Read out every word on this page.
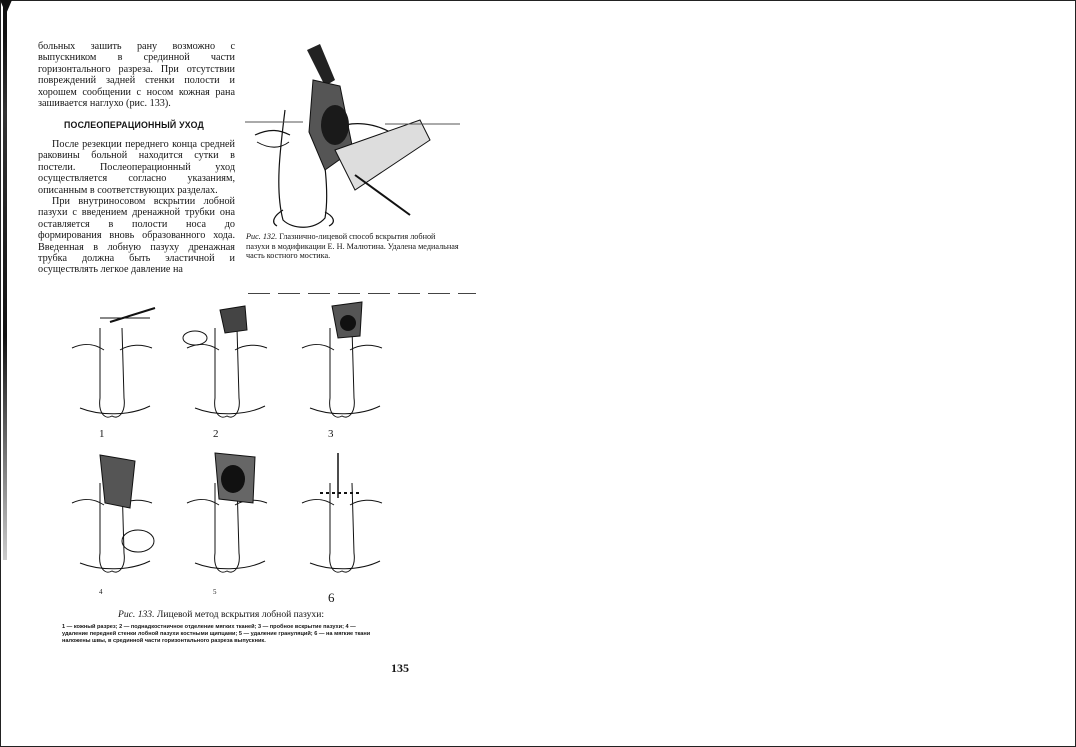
больных зашить рану возможно с выпускником в срединной части горизонтального разреза. При отсутствии повреждений задней стенки полости и хорошем сообщении с носом кожная рана зашивается наглухо (рис. 133).

ПОСЛЕОПЕРАЦИОННЫЙ УХОД

После резекции переднего конца средней раковины больной находится сутки в постели. Послеоперационный уход осуществляется согласно указаниям, описанным в соответствующих разделах.

При внутриносовом вскрытии лобной пазухи с введением дренажной трубки она оставляется в полости носа до формирования вновь образованного хода. Введенная в лобную пазуху дренажная трубка должна быть эластичной и осуществлять легкое давление на

Рис. 132. Глазнично-лицевой способ вскрытия лобной пазухи в модификации Е. Н. Малютина. Удалена медиальная часть костного мостика.
1	2	3
4	5	6
Рис. 133. Лицевой метод вскрытия лобной пазухи:
1 — кожный разрез; 2 — поднадкостничное отделение мягких тканей; 3 — пробное вскрытие пазухи; 4 — удаление передней стенки лобной пазухи костными щипцами; 5 — удаление грануляций; 6 — на мягкие ткани наложены швы, в срединной части горизонтального разреза выпускник.
135
